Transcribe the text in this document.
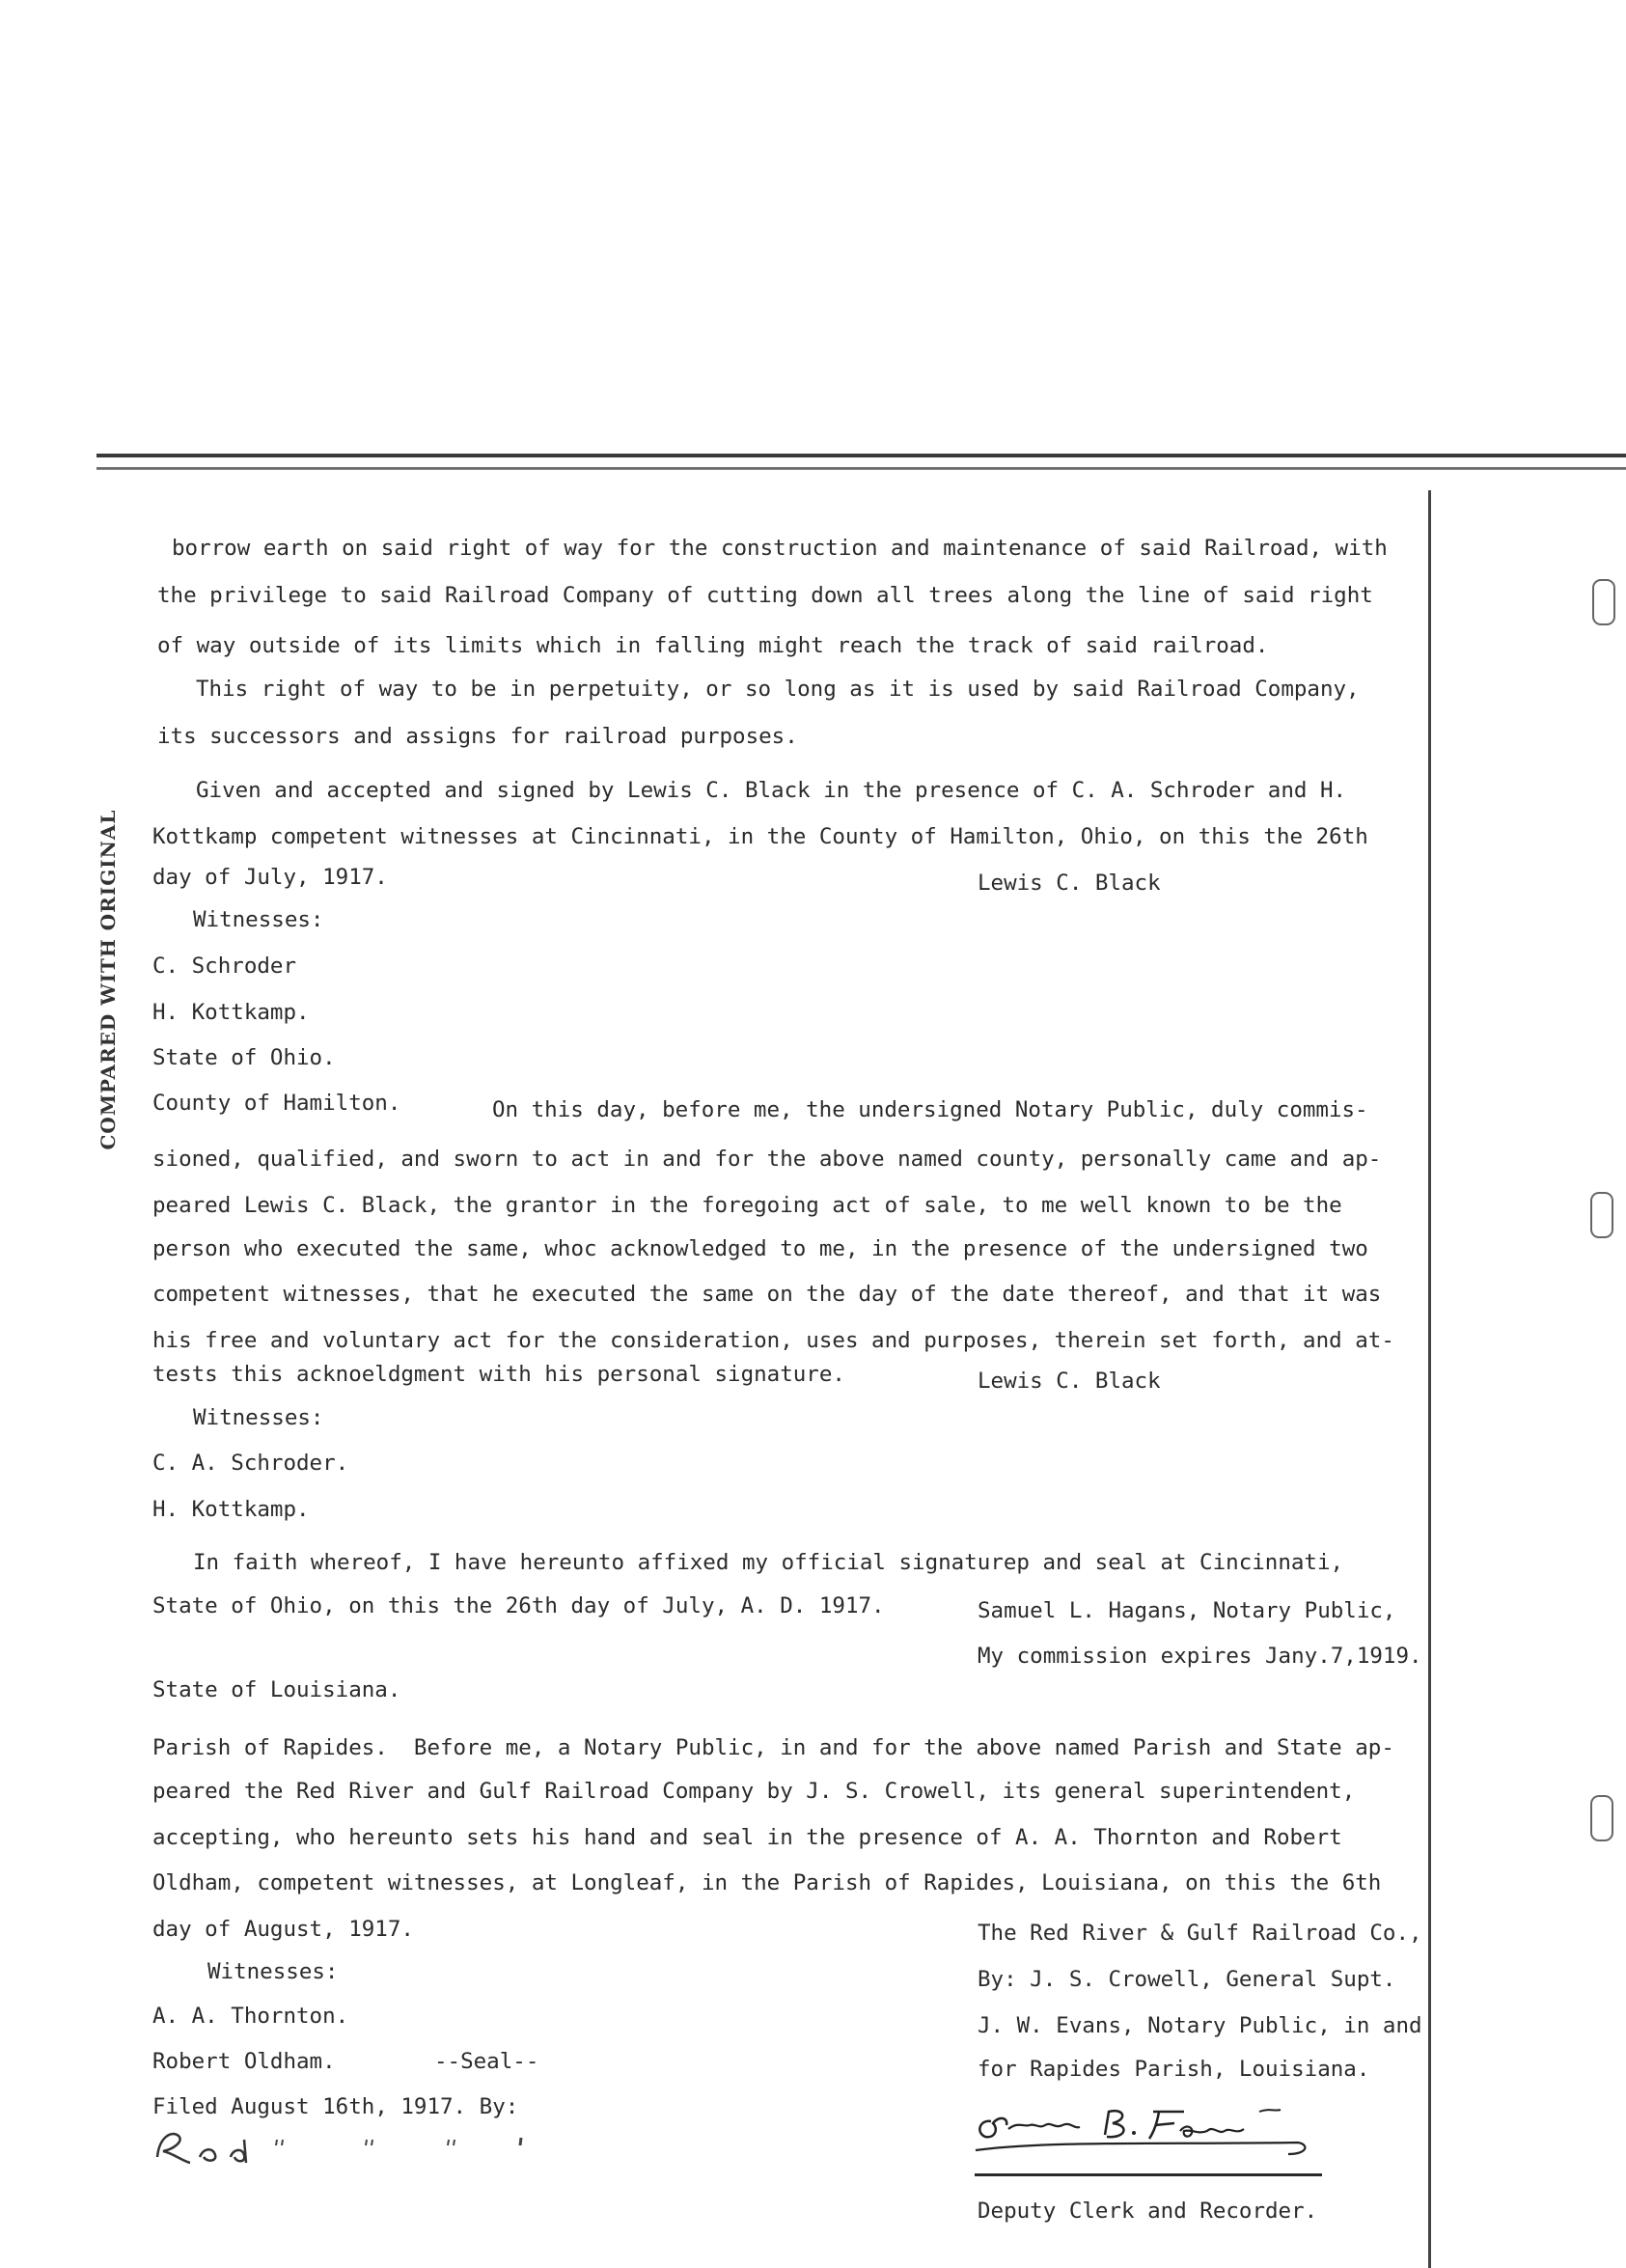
COMPARED WITH ORIGINAL
borrow earth on said right of way for the construction and maintenance of said Railroad, with
the privilege to said Railroad Company of cutting down all trees along the line of said right
of way outside of its limits which in falling might reach the track of said railroad.
This right of way to be in perpetuity, or so long as it is used by said Railroad Company,
its successors and assigns for railroad purposes.
Given and accepted and signed by Lewis C. Black in the presence of C. A. Schroder and H.
Kottkamp competent witnesses at Cincinnati, in the County of Hamilton, Ohio, on this the 26th
day of July, 1917.	Lewis C. Black
Witnesses:
C. Schroder
H. Kottkamp.
State of Ohio.
County of Hamilton.	On this day, before me, the undersigned Notary Public, duly commis-
sioned, qualified, and sworn to act in and for the above named county, personally came and ap-
peared Lewis C. Black, the grantor in the foregoing act of sale, to me well known to be the
person who executed the same, whoc acknowledged to me, in the presence of the undersigned two
competent witnesses, that he executed the same on the day of the date thereof, and that it was
his free and voluntary act for the consideration, uses and purposes, therein set forth, and at-
tests this acknoeldgment with his personal signature.	Lewis C. Black
Witnesses:
C. A. Schroder.
H. Kottkamp.
In faith whereof, I have hereunto affixed my official signaturep and seal at Cincinnati,
State of Ohio, on this the 26th day of July, A. D. 1917.	Samuel L. Hagans, Notary Public,
My commission expires Jany.7,1919.
State of Louisiana.
Parish of Rapides.  Before me, a Notary Public, in and for the above named Parish and State ap-
peared the Red River and Gulf Railroad Company by J. S. Crowell, its general superintendent,
accepting, who hereunto sets his hand and seal in the presence of A. A. Thornton and Robert
Oldham, competent witnesses, at Longleaf, in the Parish of Rapides, Louisiana, on this the 6th
day of August, 1917.	The Red River & Gulf Railroad Co.,
Witnesses:	By: J. S. Crowell, General Supt.
A. A. Thornton.	J. W. Evans, Notary Public, in and
Robert Oldham.	--Seal--	for Rapides Parish, Louisiana.
Filed August 16th, 1917. By:
Deputy Clerk and Recorder.
